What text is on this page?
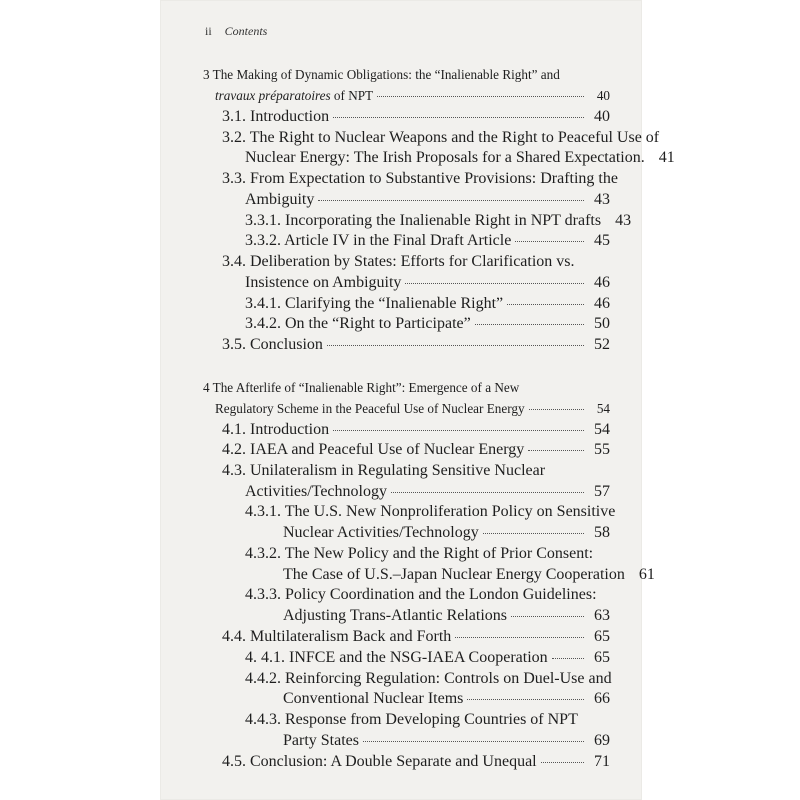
ii Contents
3 The Making of Dynamic Obligations: the “Inalienable Right” and
travaux préparatoires of NPT	40
3.1. Introduction	40
3.2. The Right to Nuclear Weapons and the Right to Peaceful Use of
Nuclear Energy: The Irish Proposals for a Shared Expectation. 41
3.3. From Expectation to Substantive Provisions: Drafting the
Ambiguity	43
3.3.1. Incorporating the Inalienable Right in NPT drafts 43
3.3.2. Article IV in the Final Draft Article	45
3.4. Deliberation by States: Efforts for Clarification vs.
Insistence on Ambiguity	46
3.4.1. Clarifying the “Inalienable Right”	46
3.4.2. On the “Right to Participate”	50
3.5. Conclusion	52
4 The Afterlife of “Inalienable Right”: Emergence of a New
Regulatory Scheme in the Peaceful Use of Nuclear Energy	54
4.1. Introduction	54
4.2. IAEA and Peaceful Use of Nuclear Energy	55
4.3. Unilateralism in Regulating Sensitive Nuclear
Activities/Technology	57
4.3.1. The U.S. New Nonproliferation Policy on Sensitive
Nuclear Activities/Technology	58
4.3.2. The New Policy and the Right of Prior Consent:
The Case of U.S.–Japan Nuclear Energy Cooperation 61
4.3.3. Policy Coordination and the London Guidelines:
Adjusting Trans-Atlantic Relations	63
4.4. Multilateralism Back and Forth	65
4. 4.1. INFCE and the NSG-IAEA Cooperation	65
4.4.2. Reinforcing Regulation: Controls on Duel-Use and
Conventional Nuclear Items	66
4.4.3. Response from Developing Countries of NPT
Party States	69
4.5. Conclusion: A Double Separate and Unequal	71
